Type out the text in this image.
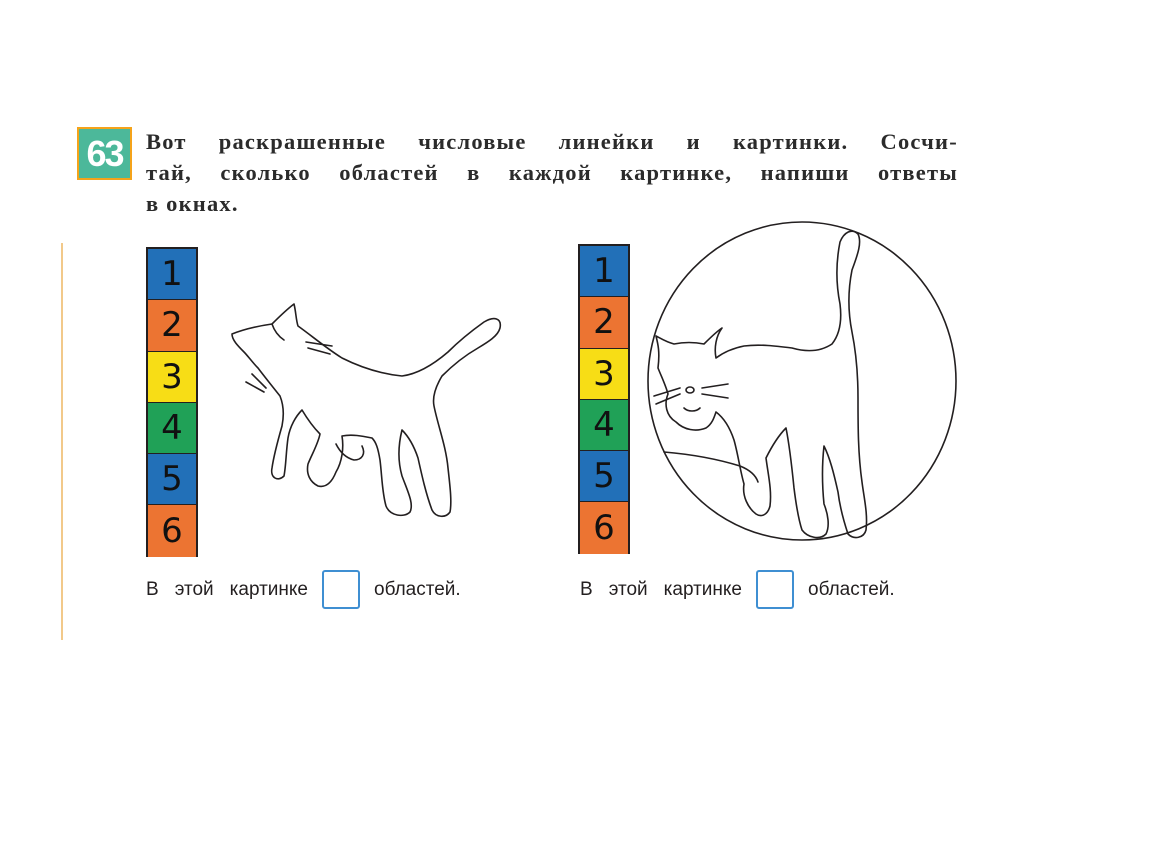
63 Вот раскрашенные числовые линейки и картинки. Сосчи-
тай, сколько областей в каждой картинке, напиши ответы
в окнах.
1
2
3
4
5
6
1
2
3
4
5
6
В этой картинке	областей.	В этой картинке	областей.
